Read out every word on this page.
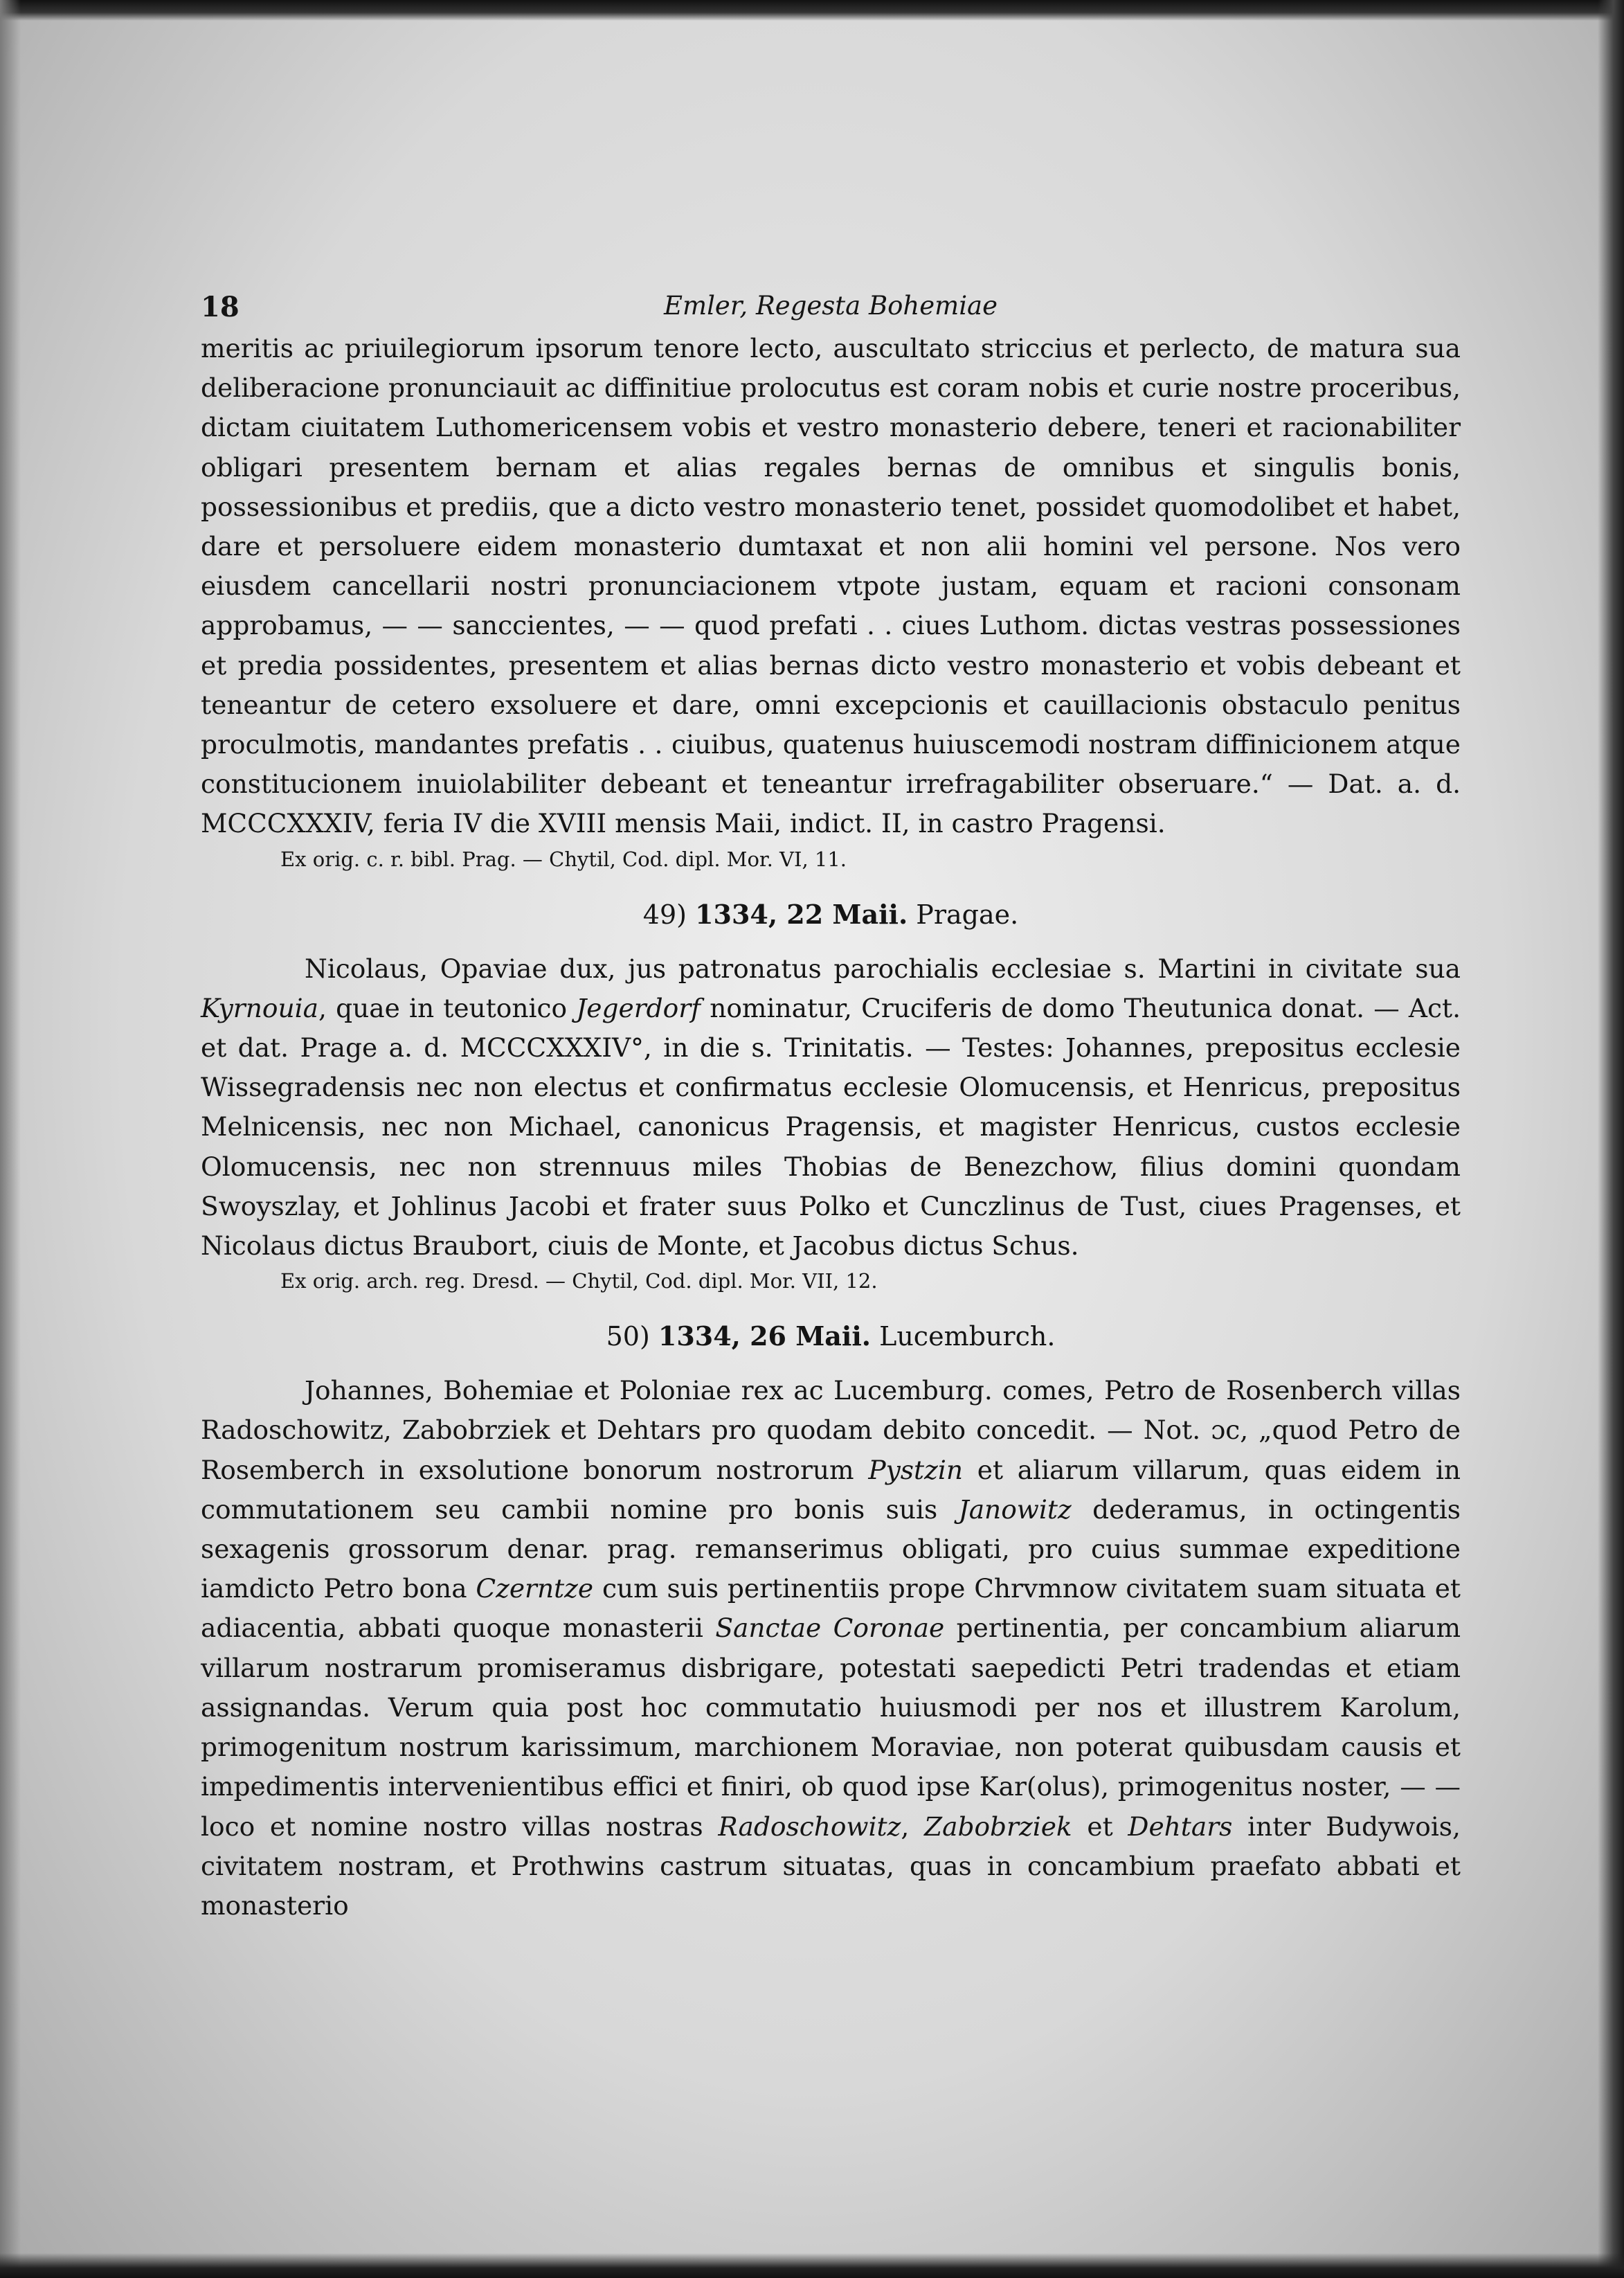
18	Emler, Regesta Bohemiae

meritis ac priuilegiorum ipsorum tenore lecto, auscultato striccius et perlecto, de matura sua deliberacione pronunciauit ac diffinitiue prolocutus est coram nobis et curie nostre proceribus, dictam ciuitatem Luthomericensem vobis et vestro monasterio debere, teneri et racionabiliter obligari presentem bernam et alias regales bernas de omnibus et singulis bonis, possessionibus et prediis, que a dicto vestro monasterio tenet, possidet quomodolibet et habet, dare et persoluere eidem monasterio dumtaxat et non alii homini vel persone. Nos vero eiusdem cancellarii nostri pronunciacionem vtpote justam, equam et racioni consonam approbamus, — — sanccientes, — — quod prefati . . ciues Luthom. dictas vestras possessiones et predia possidentes, presentem et alias bernas dicto vestro monasterio et vobis debeant et teneantur de cetero exsoluere et dare, omni excepcionis et cauillacionis obstaculo penitus proculmotis, mandantes prefatis . . ciuibus, quatenus huiuscemodi nostram diffinicionem atque constitucionem inuiolabiliter debeant et teneantur irrefragabiliter obseruare.“ — Dat. a. d. MCCCXXXIV, feria IV die XVIII mensis Maii, indict. II, in castro Pragensi.

Ex orig. c. r. bibl. Prag. — Chytil, Cod. dipl. Mor. VI, 11.

49) 1334, 22 Maii. Pragae.

Nicolaus, Opaviae dux, jus patronatus parochialis ecclesiae s. Martini in civitate sua Kyrnouia, quae in teutonico Jegerdorf nominatur, Cruciferis de domo Theutunica donat. — Act. et dat. Prage a. d. MCCCXXXIV°, in die s. Trinitatis. — Testes: Johannes, prepositus ecclesie Wissegradensis nec non electus et confirmatus ecclesie Olomucensis, et Henricus, prepositus Melnicensis, nec non Michael, canonicus Pragensis, et magister Henricus, custos ecclesie Olomucensis, nec non strennuus miles Thobias de Benezchow, filius domini quondam Swoyszlay, et Johlinus Jacobi et frater suus Polko et Cunczlinus de Tust, ciues Pragenses, et Nicolaus dictus Braubort, ciuis de Monte, et Jacobus dictus Schus.

Ex orig. arch. reg. Dresd. — Chytil, Cod. dipl. Mor. VII, 12.

50) 1334, 26 Maii. Lucemburch.

Johannes, Bohemiae et Poloniae rex ac Lucemburg. comes, Petro de Rosenberch villas Radoschowitz, Zabobrziek et Dehtars pro quodam debito concedit. — Not. ɔc, „quod Petro de Rosemberch in exsolutione bonorum nostrorum Pystzin et aliarum villarum, quas eidem in commutationem seu cambii nomine pro bonis suis Janowitz dederamus, in octingentis sexagenis grossorum denar. prag. remanserimus obligati, pro cuius summae expeditione iamdicto Petro bona Czerntze cum suis pertinentiis prope Chrvmnow civitatem suam situata et adiacentia, abbati quoque monasterii Sanctae Coronae pertinentia, per concambium aliarum villarum nostrarum promiseramus disbrigare, potestati saepedicti Petri tradendas et etiam assignandas. Verum quia post hoc commutatio huiusmodi per nos et illustrem Karolum, primogenitum nostrum karissimum, marchionem Moraviae, non poterat quibusdam causis et impedimentis intervenientibus effici et finiri, ob quod ipse Kar(olus), primogenitus noster, — — loco et nomine nostro villas nostras Radoschowitz, Zabobrziek et Dehtars inter Budywois, civitatem nostram, et Prothwins castrum situatas, quas in concambium praefato abbati et monasterio
